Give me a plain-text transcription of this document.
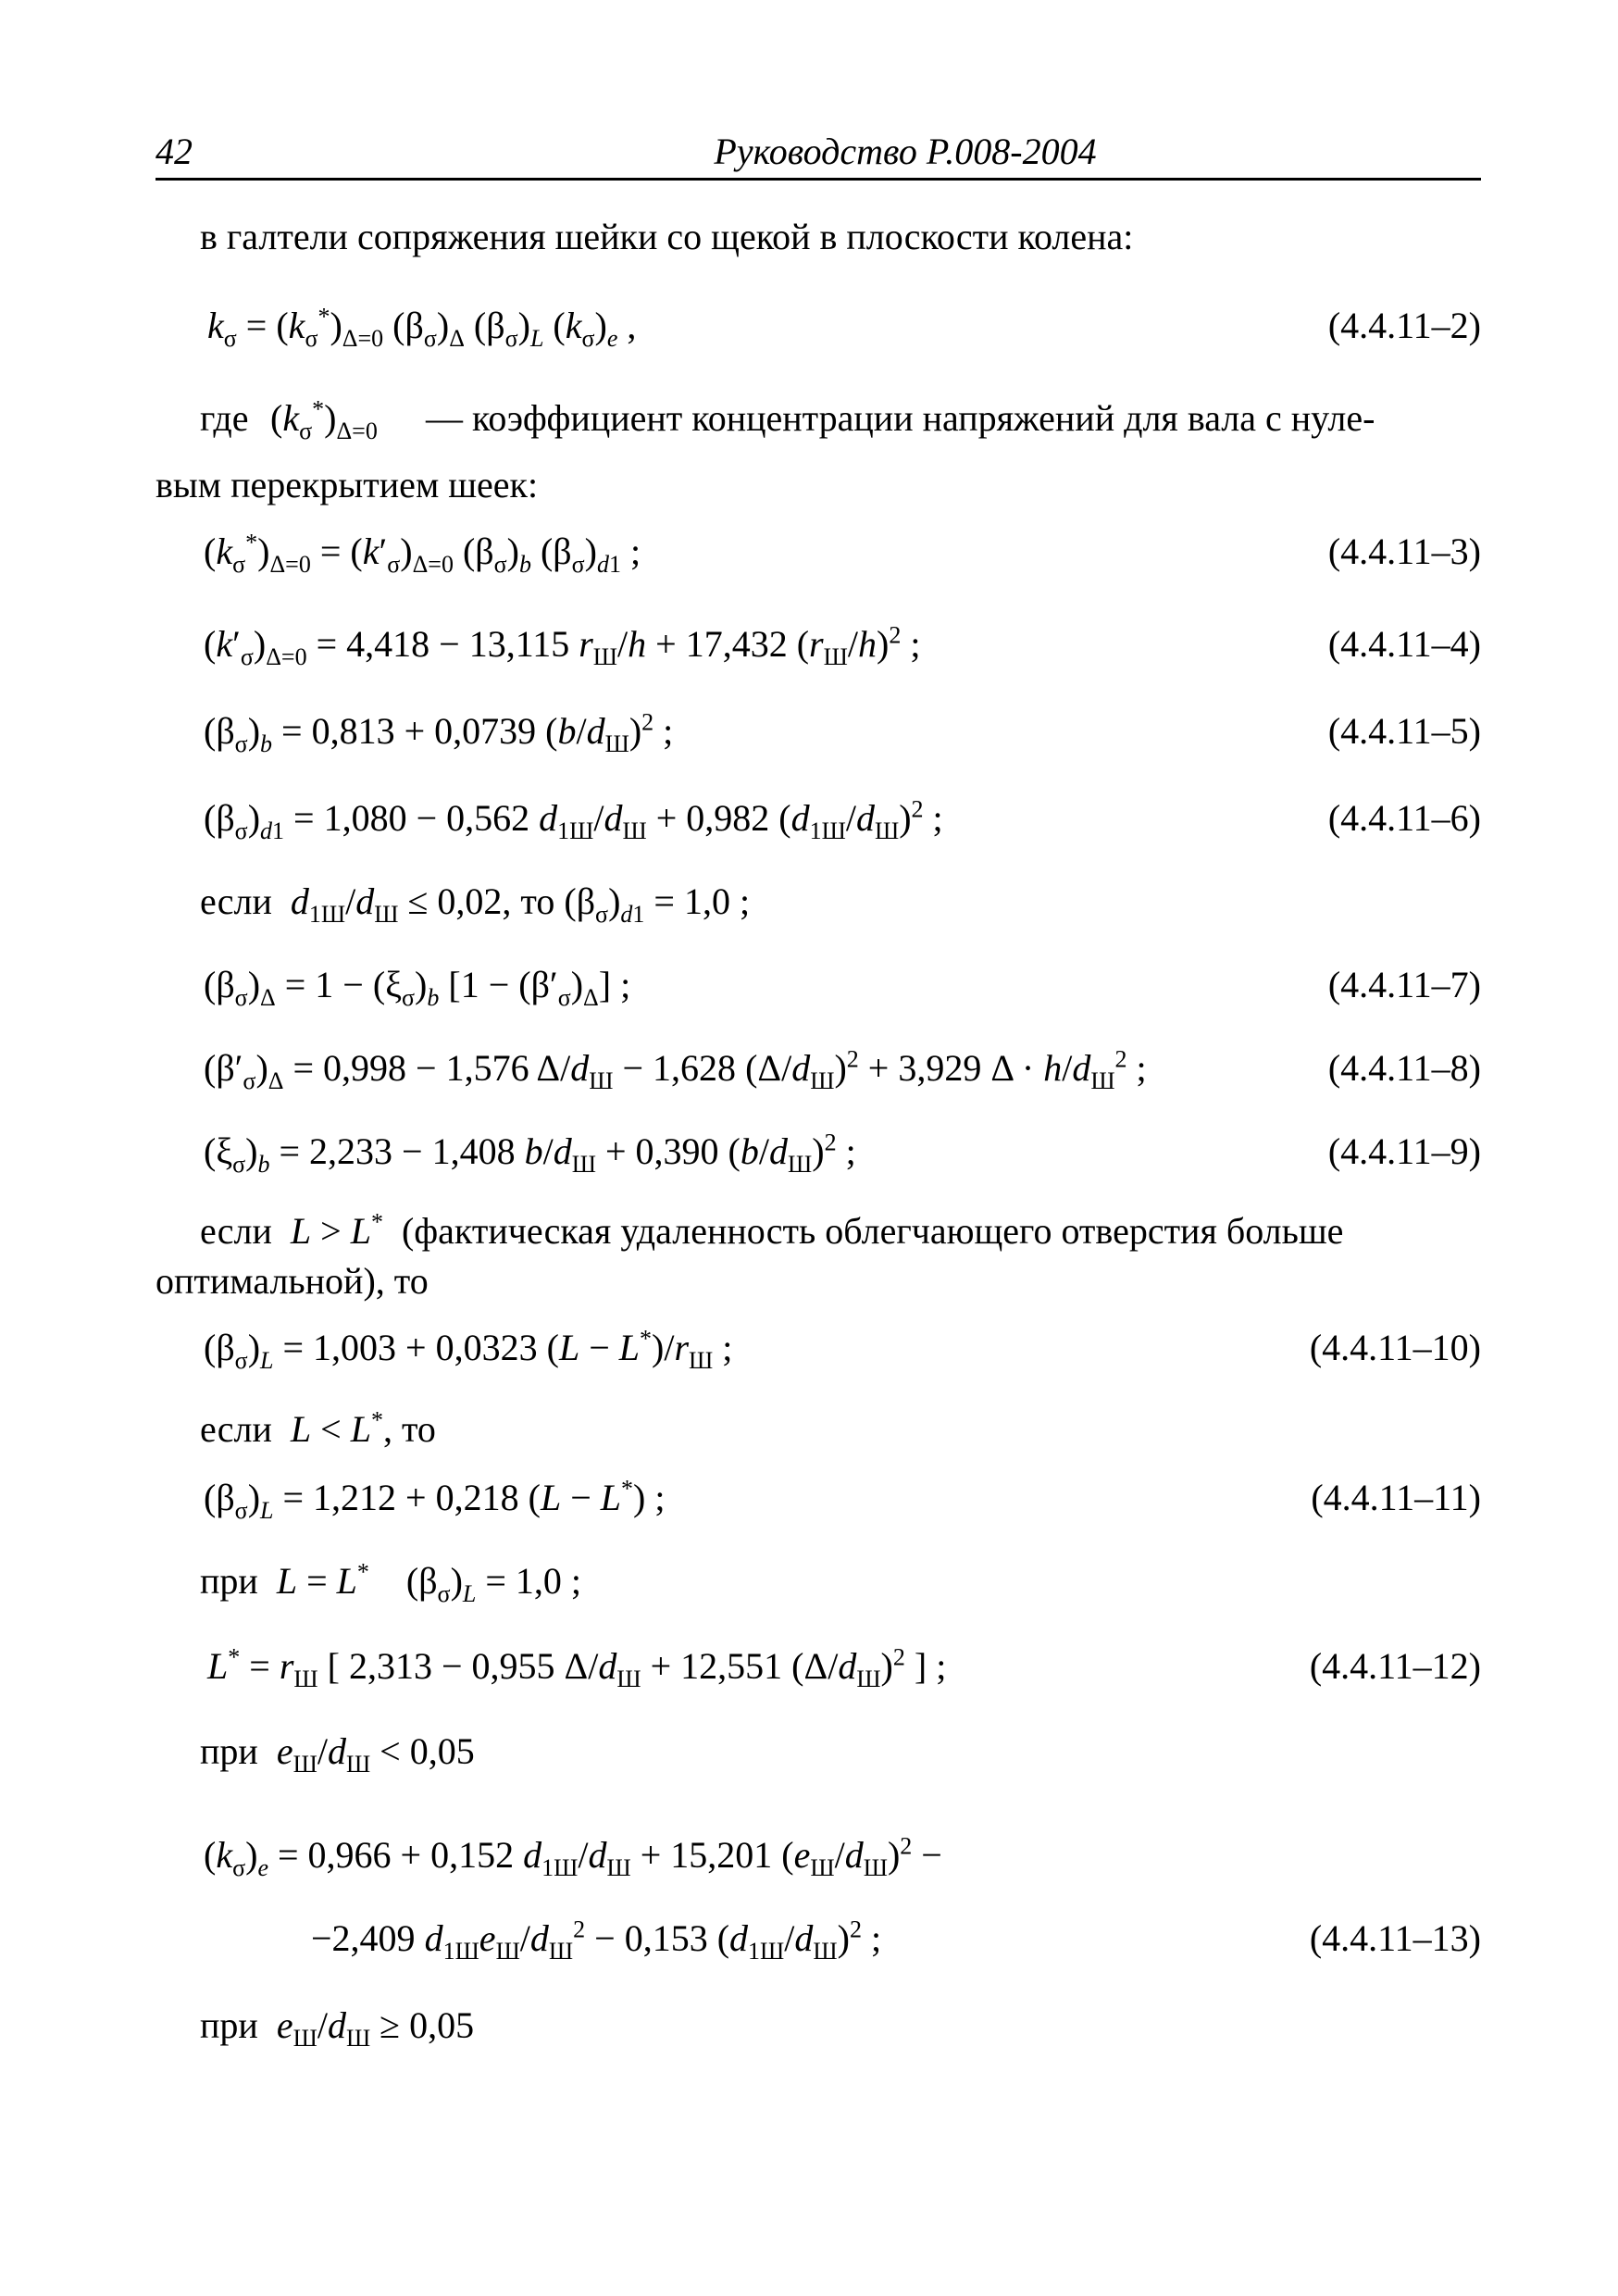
42	Руководство Р.008-2004
в галтели сопряжения шейки со щекой в плоскости колена:
$k_\sigma = (k_\sigma^*)_{\Delta=0}$ $(\beta_\sigma)_\Delta$ $(\beta_\sigma)_L$ $(k_\sigma)_e$ ,	(4.4.11–2)
где $(k_\sigma^*)_{\Delta=0}$ — коэффициент концентрации напряжений для вала с нуле-
вым перекрытием шеек:
$(k_\sigma^*)_{\Delta=0} = (k'_\sigma)_{\Delta=0}$ $(\beta_\sigma)_b$ $(\beta_\sigma)_{d1}$ ;	(4.4.11–3)
$(k'_\sigma)_{\Delta=0} = 4,418 - 13,115$ $r_Ш/h + 17,432$ $(r_Ш/h)^2$ ;	(4.4.11–4)
$(\beta_\sigma)_b = 0,813 + 0,0739$ $(b/d_Ш)^2$ ;	(4.4.11–5)
$(\beta_\sigma)_{d1} = 1,080 - 0,562$ $d_{1Ш}/d_Ш + 0,982$ $(d_{1Ш}/d_Ш)^2$ ;	(4.4.11–6)
если $d_{1Ш}/d_Ш \le 0,02$, то $(\beta_\sigma)_{d1} = 1,0$ ;
$(\beta_\sigma)_\Delta = 1 - (\xi_\sigma)_b$ $[1 - (\beta'_\sigma)_\Delta]$ ;	(4.4.11–7)
$(\beta'_\sigma)_\Delta = 0,998 - 1,576$ $\Delta/d_Ш - 1,628$ $(\Delta/d_Ш)^2 + 3,929$ $\Delta \cdot h/d_Ш^2$ ;	(4.4.11–8)
$(\xi_\sigma)_b = 2,233 - 1,408$ $b/d_Ш + 0,390$ $(b/d_Ш)^2$ ;	(4.4.11–9)
если L > L* (фактическая удаленность облегчающего отверстия больше
оптимальной), то
$(\beta_\sigma)_L = 1,003 + 0,0323$ $(L - L^*)/r_Ш$ ;	(4.4.11–10)
если L < L*, то
$(\beta_\sigma)_L = 1,212 + 0,218$ (L − L*) ;	(4.4.11–11)
при L = L*    $(\beta_\sigma)_L = 1,0$ ;
$L^* = r_Ш$ [ 2,313 − 0,955 $\Delta/d_Ш + 12,551$ $(\Delta/d_Ш)^2$ ] ;	(4.4.11–12)
при $e_Ш/d_Ш < 0,05$
$(k_\sigma)_e = 0,966 + 0,152$ $d_{1Ш}/d_Ш + 15,201$ $(e_Ш/d_Ш)^2$ −
−2,409 $d_{1Ш}e_Ш/d_Ш^2 - 0,153$ $(d_{1Ш}/d_Ш)^2$ ;	(4.4.11–13)
при $e_Ш/d_Ш \ge 0,05$
